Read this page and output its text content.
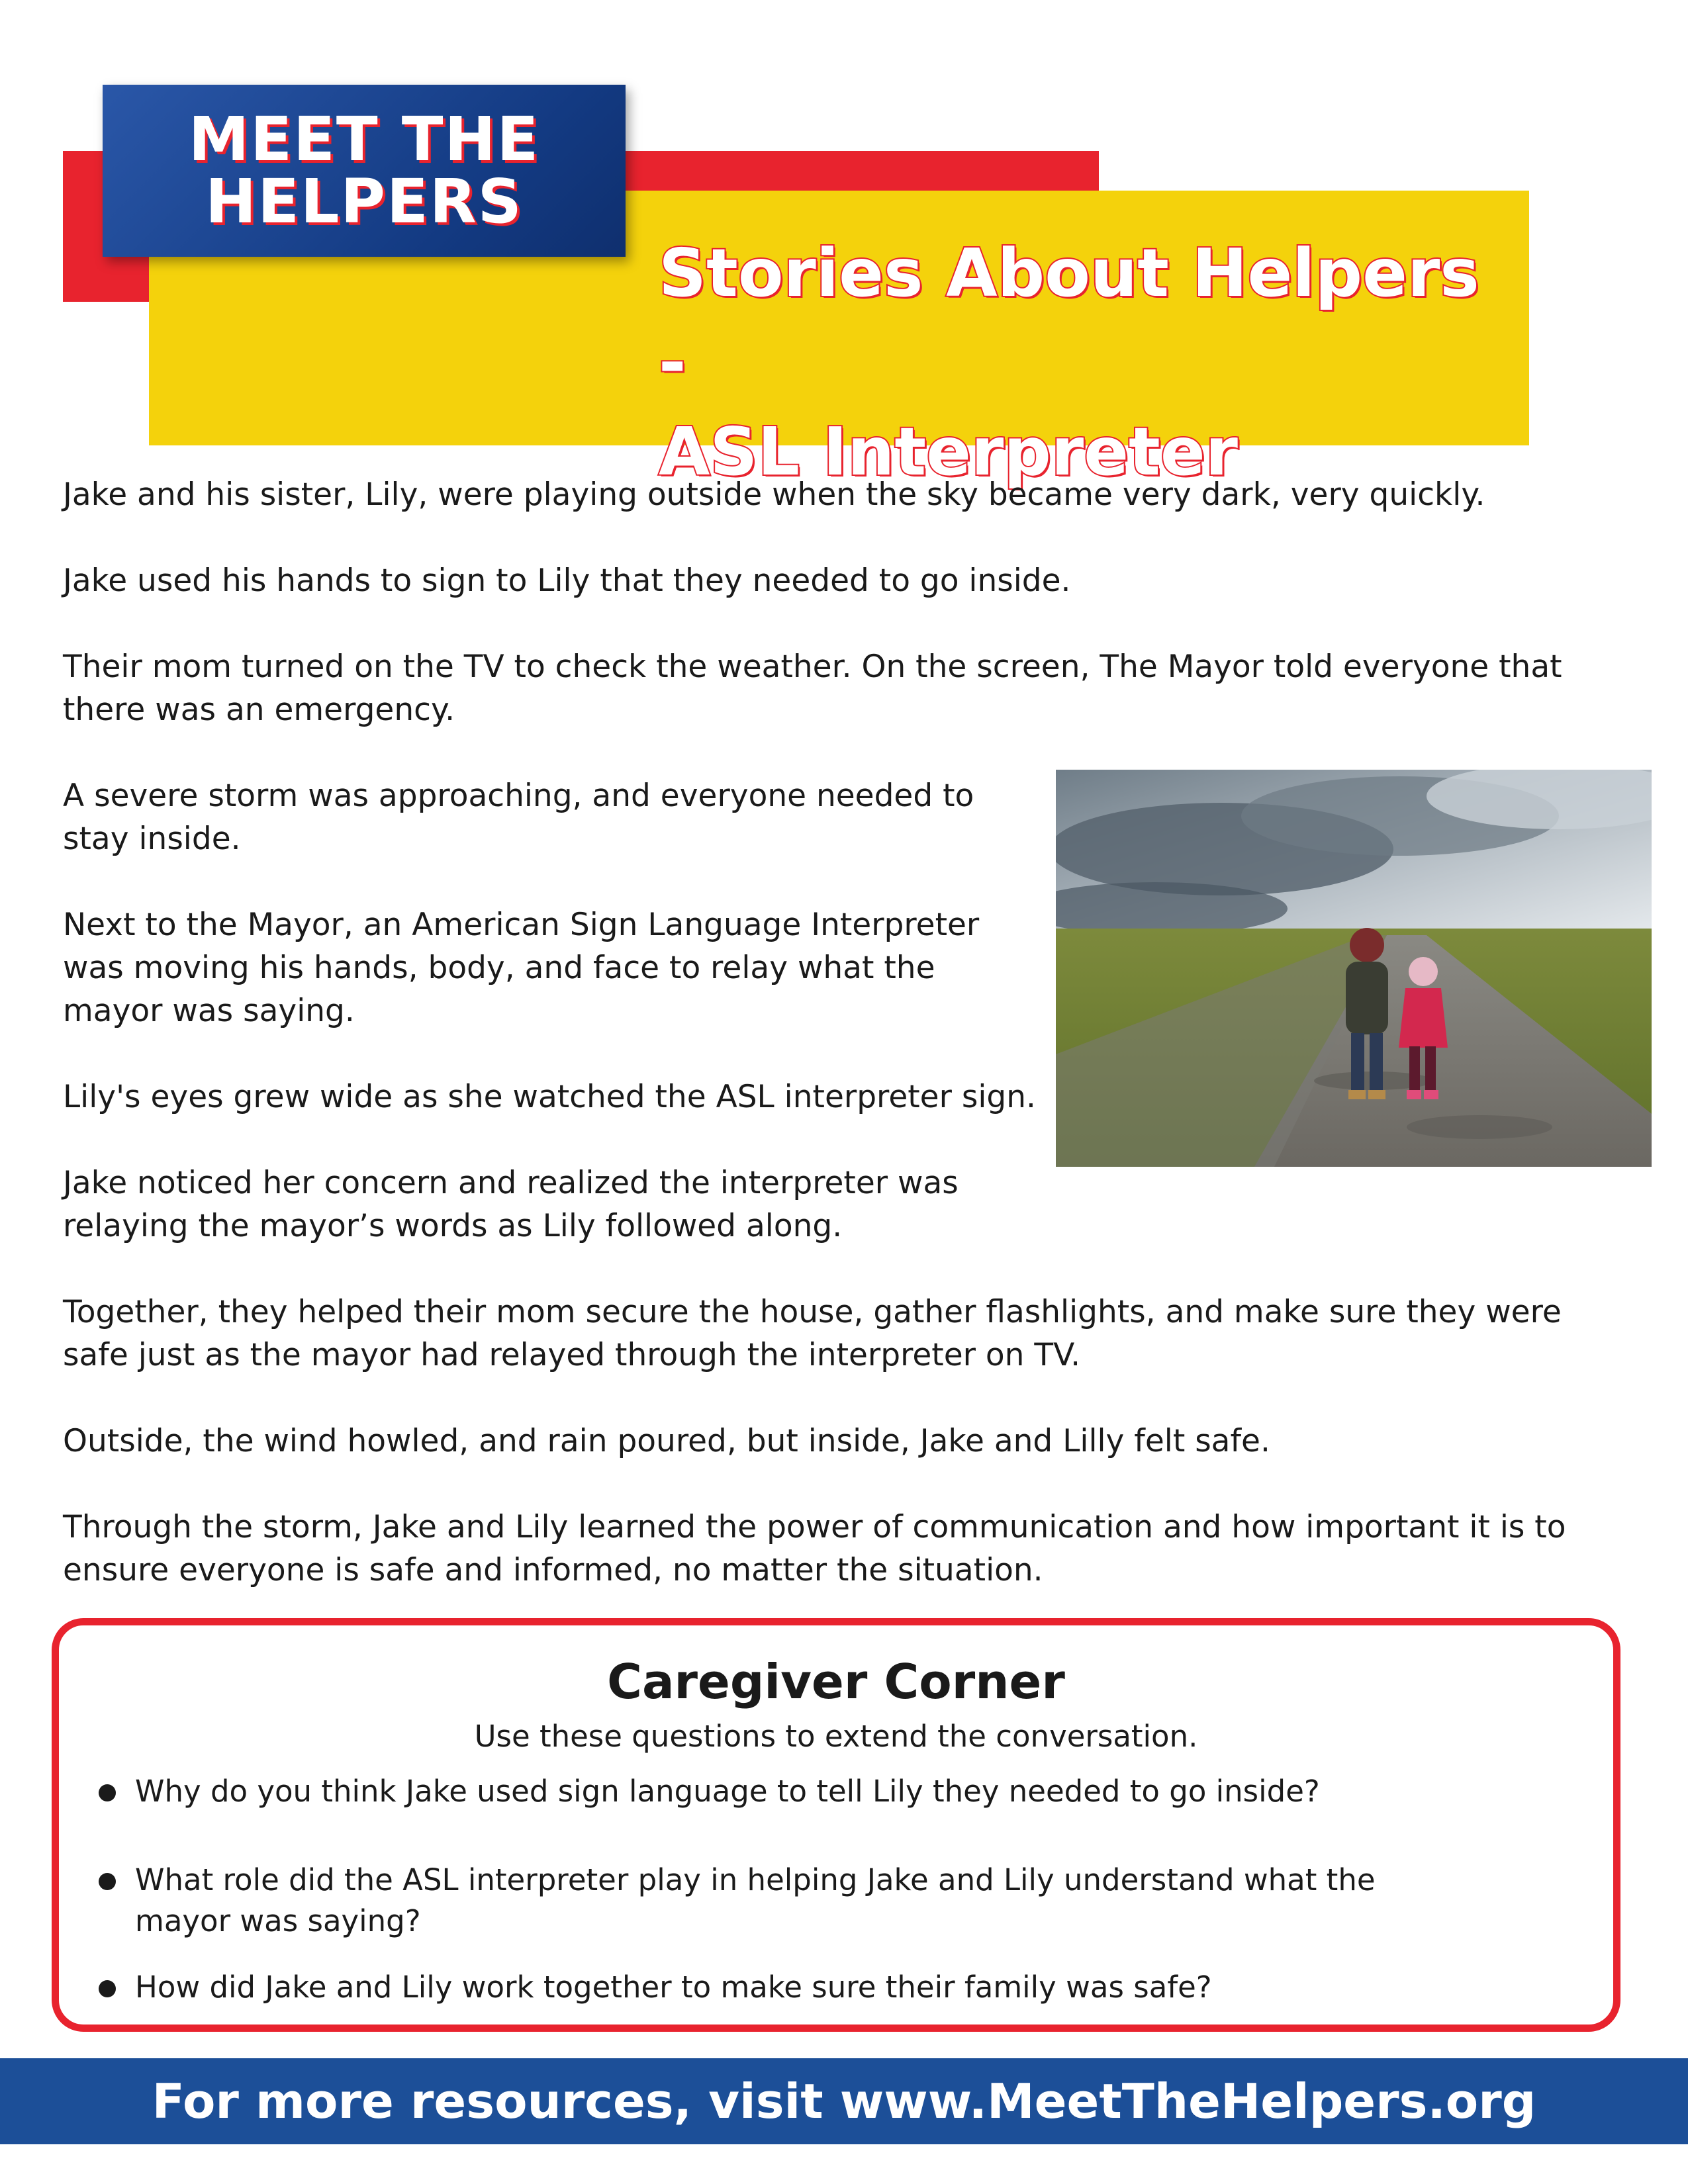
MEET THE
HELPERS
Stories About Helpers -
ASL Interpreter

Jake and his sister, Lily, were playing outside when the sky became very dark, very quickly.

Jake used his hands to sign to Lily that they needed to go inside.

Their mom turned on the TV to check the weather. On the screen, The Mayor told everyone that there was an emergency.

A severe storm was approaching, and everyone needed to stay inside.

Next to the Mayor, an American Sign Language Interpreter was moving his hands, body, and face to relay what the mayor was saying.

Lily's eyes grew wide as she watched the ASL interpreter sign.

Jake noticed her concern and realized the interpreter was relaying the mayor’s words as Lily followed along.

Together, they helped their mom secure the house, gather flashlights, and make sure they were safe just as the mayor had relayed through the interpreter on TV.

Outside, the wind howled, and rain poured, but inside, Jake and Lilly felt safe.

Through the storm, Jake and Lily learned the power of communication and how important it is to ensure everyone is safe and informed, no matter the situation.

Caregiver Corner
Use these questions to extend the conversation.
Why do you think Jake used sign language to tell Lily they needed to go inside?
What role did the ASL interpreter play in helping Jake and Lily understand what the mayor was saying?
How did Jake and Lily work together to make sure their family was safe?
For more resources, visit www.MeetTheHelpers.org
